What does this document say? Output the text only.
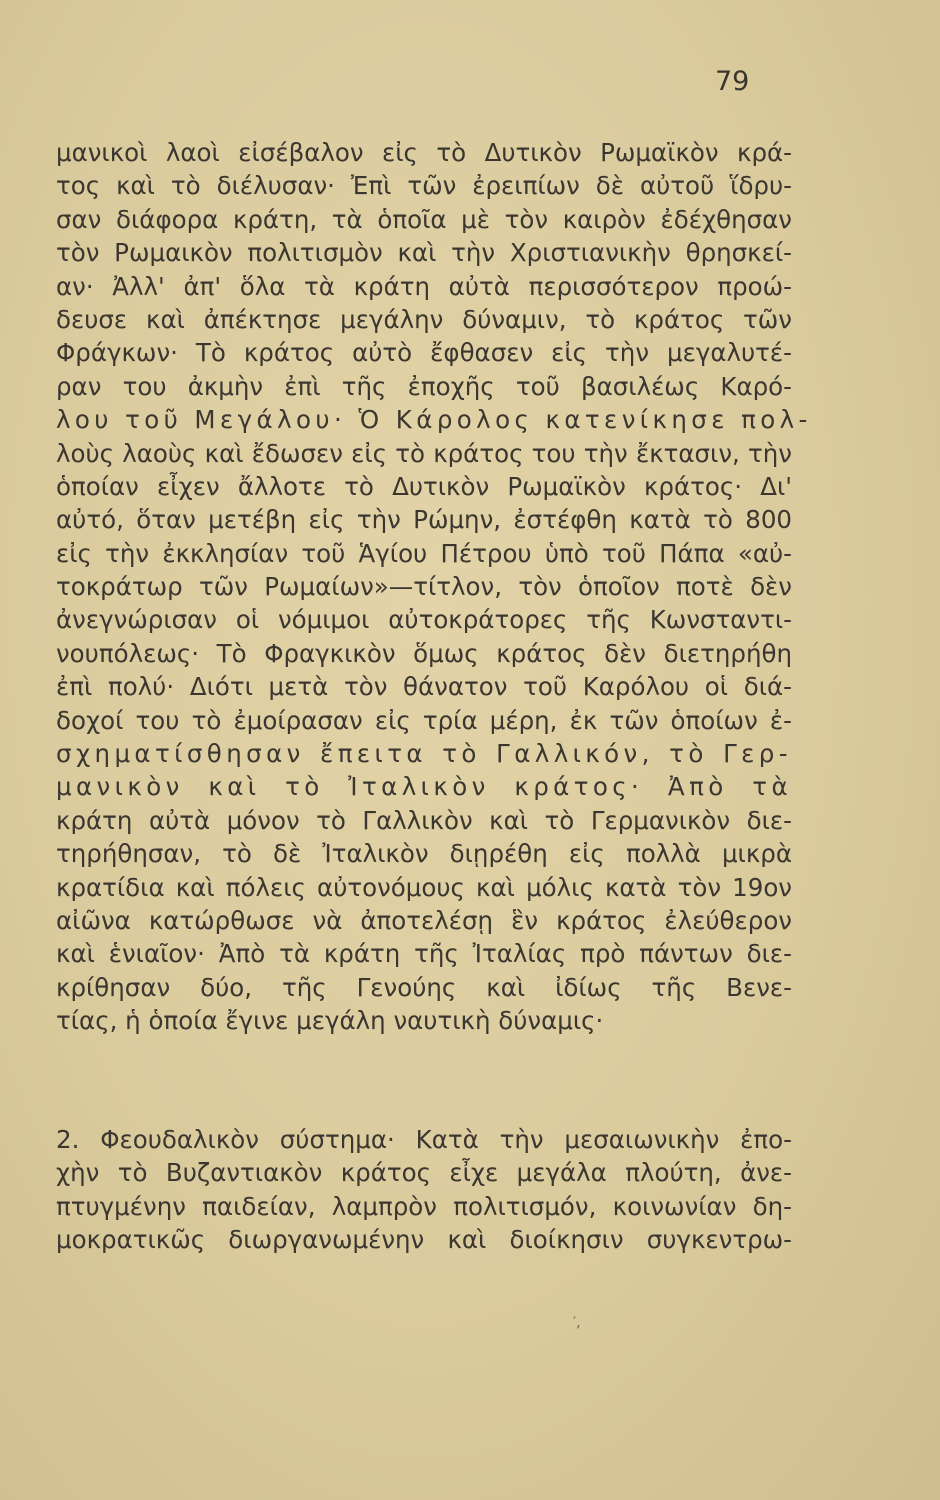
79
μανικοὶ λαοὶ εἰσέβαλον εἰς τὸ Δυτικὸν Ρωμαϊκὸν κρά-
τος καὶ τὸ διέλυσαν· Ἐπὶ τῶν ἐρειπίων δὲ αὐτοῦ ἵδρυ-
σαν διάφορα κράτη, τὰ ὁποῖα μὲ τὸν καιρὸν ἐδέχθησαν
τὸν Ρωμαικὸν πολιτισμὸν καὶ τὴν Χριστιανικὴν θρησκεί-
αν· Ἀλλ' ἀπ' ὅλα τὰ κράτη αὐτὰ περισσότερον προώ-
δευσε καὶ ἀπέκτησε μεγάλην δύναμιν, τὸ κράτος τῶν
Φράγκων· Τὸ κράτος αὐτὸ ἔφθασεν εἰς τὴν μεγαλυτέ-
ραν του ἀκμὴν ἐπὶ τῆς ἐποχῆς τοῦ βασιλέως Καρό-
λου τοῦ Μεγάλου· Ὁ Κάρολος κατενίκησε πολ-
λοὺς λαοὺς καὶ ἔδωσεν εἰς τὸ κράτος του τὴν ἔκτασιν, τὴν
ὁποίαν εἶχεν ἄλλοτε τὸ Δυτικὸν Ρωμαϊκὸν κράτος· Δι'
αὐτό, ὅταν μετέβη εἰς τὴν Ρώμην, ἐστέφθη κατὰ τὸ 800
εἰς τὴν ἐκκλησίαν τοῦ Ἁγίου Πέτρου ὑπὸ τοῦ Πάπα «αὐ-
τοκράτωρ τῶν Ρωμαίων»—τίτλον, τὸν ὁποῖον ποτὲ δὲν
ἀνεγνώρισαν οἱ νόμιμοι αὐτοκράτορες τῆς Κωνσταντι-
νουπόλεως· Τὸ Φραγκικὸν ὅμως κράτος δὲν διετηρήθη
ἐπὶ πολύ· Διότι μετὰ τὸν θάνατον τοῦ Καρόλου οἱ διά-
δοχοί του τὸ ἐμοίρασαν εἰς τρία μέρη, ἐκ τῶν ὁποίων ἐ-
σχηματίσθησαν ἔπειτα τὸ Γαλλικόν, τὸ Γερ-
μανικὸν καὶ τὸ Ἰταλικὸν κράτος· Ἀπὸ τὰ
κράτη αὐτὰ μόνον τὸ Γαλλικὸν καὶ τὸ Γερμανικὸν διε-
τηρήθησαν, τὸ δὲ Ἰταλικὸν διῃρέθη εἰς πολλὰ μικρὰ
κρατίδια καὶ πόλεις αὐτονόμους καὶ μόλις κατὰ τὸν 19ον
αἰῶνα κατώρθωσε νὰ ἀποτελέσῃ ἓν κράτος ἐλεύθερον
καὶ ἑνιαῖον· Ἀπὸ τὰ κράτη τῆς Ἰταλίας πρὸ πάντων διε-
κρίθησαν δύο, τῆς Γενούης καὶ ἰδίως τῆς Βενε-
τίας, ἡ ὁποία ἔγινε μεγάλη ναυτικὴ δύναμις·
2. Φεουδαλικὸν σύστημα· Κατὰ τὴν μεσαιωνικὴν ἐπο-
χὴν τὸ Βυζαντιακὸν κράτος εἶχε μεγάλα πλούτη, ἀνε-
πτυγμένην παιδείαν, λαμπρὸν πολιτισμόν, κοινωνίαν δη-
μοκρατικῶς διωργανωμένην καὶ διοίκησιν συγκεντρω-
′,
